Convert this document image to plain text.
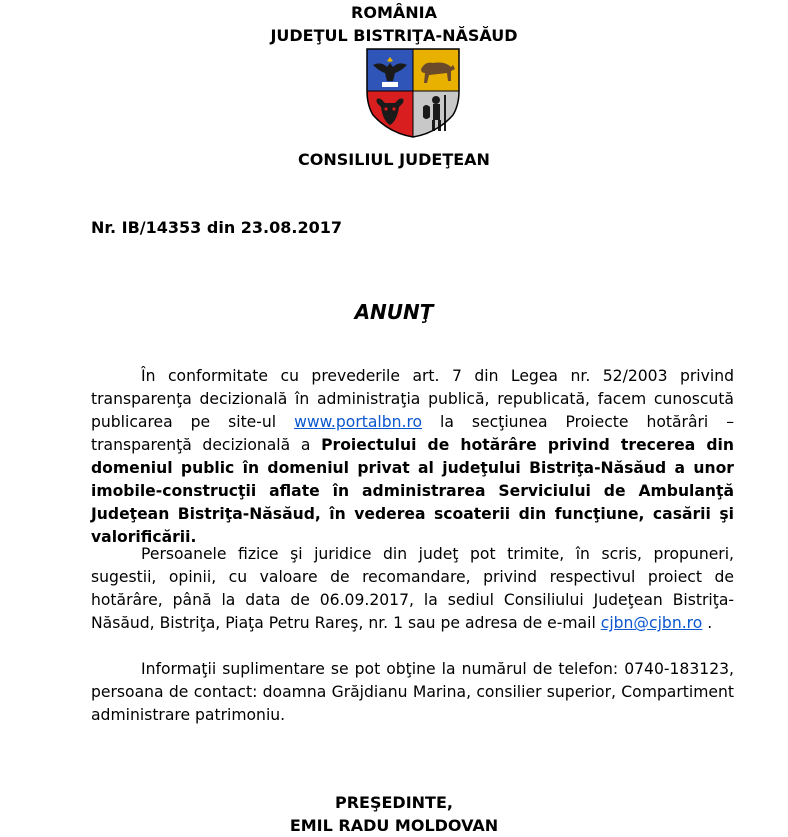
ROMÂNIA
JUDEŢUL BISTRIŢA-NĂSĂUD
CONSILIUL JUDEŢEAN
Nr. IB/14353 din 23.08.2017
ANUNŢ
În conformitate cu prevederile art. 7 din Legea nr. 52/2003 privind transparenţa decizională în administraţia publică, republicată, facem cunoscută publicarea pe site-ul www.portalbn.ro la secţiunea Proiecte hotărâri – transparenţă decizională a Proiectului de hotărâre privind trecerea din domeniul public în domeniul privat al judeţului Bistriţa-Năsăud a unor imobile-construcţii aflate în administrarea Serviciului de Ambulanţă Judeţean Bistriţa-Năsăud, în vederea scoaterii din funcţiune, casării şi valorificării.
Persoanele fizice şi juridice din judeţ pot trimite, în scris, propuneri, sugestii, opinii, cu valoare de recomandare, privind respectivul proiect de hotărâre, până la data de 06.09.2017, la sediul Consiliului Judeţean Bistriţa-Năsăud, Bistriţa, Piaţa Petru Rareş, nr. 1 sau pe adresa de e-mail cjbn@cjbn.ro .
Informaţii suplimentare se pot obţine la numărul de telefon: 0740-183123, persoana de contact: doamna Grăjdianu Marina, consilier superior, Compartiment administrare patrimoniu.
PREŞEDINTE,
EMIL RADU MOLDOVAN
